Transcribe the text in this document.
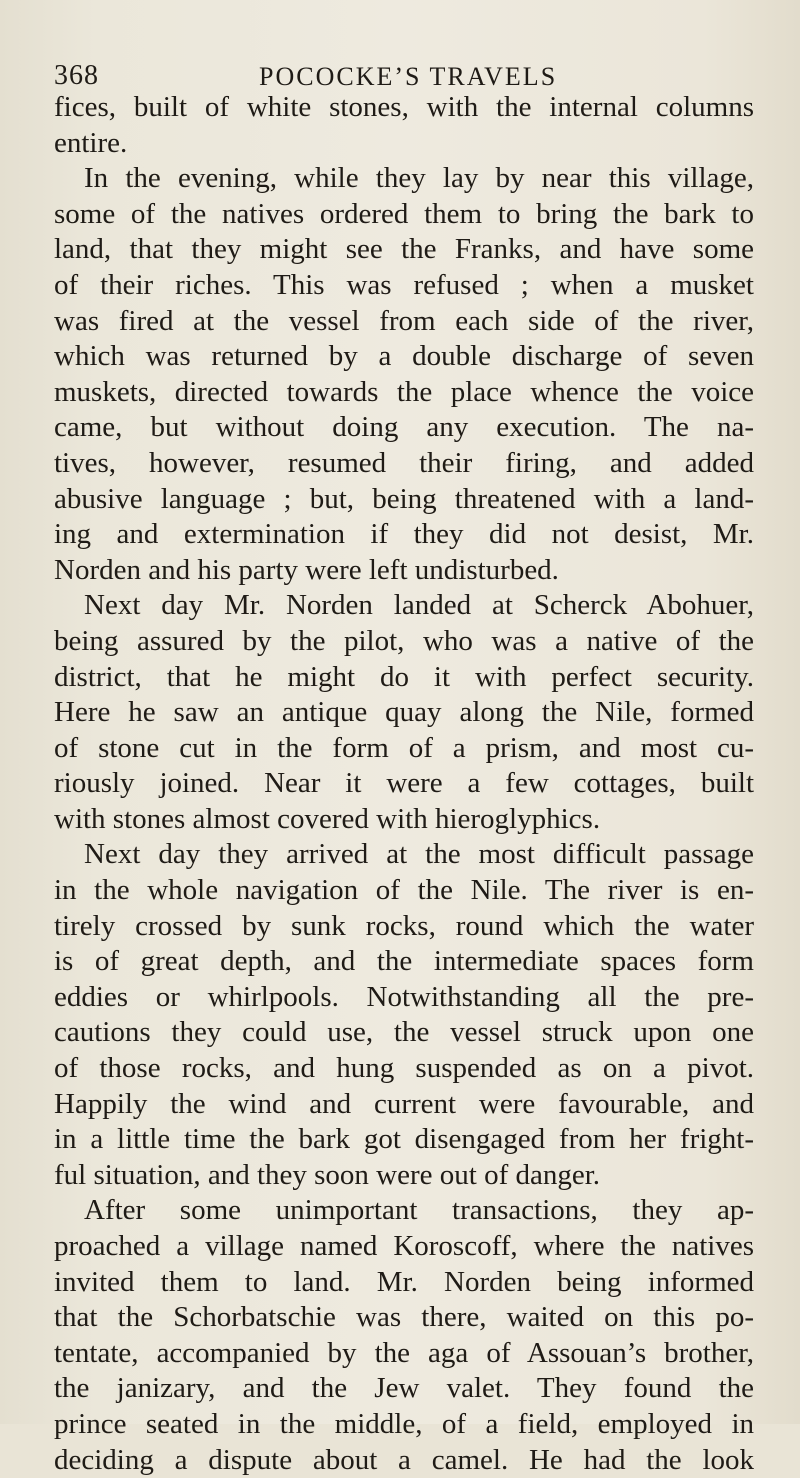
368	POCOCKE’S TRAVELS
fices, built of white stones, with the internal columns
entire.
In the evening, while they lay by near this village,
some of the natives ordered them to bring the bark to
land, that they might see the Franks, and have some
of their riches. This was refused ; when a musket
was fired at the vessel from each side of the river,
which was returned by a double discharge of seven
muskets, directed towards the place whence the voice
came, but without doing any execution. The na-
tives, however, resumed their firing, and added
abusive language ; but, being threatened with a land-
ing and extermination if they did not desist, Mr.
Norden and his party were left undisturbed.
Next day Mr. Norden landed at Scherck Abohuer,
being assured by the pilot, who was a native of the
district, that he might do it with perfect security.
Here he saw an antique quay along the Nile, formed
of stone cut in the form of a prism, and most cu-
riously joined. Near it were a few cottages, built
with stones almost covered with hieroglyphics.
Next day they arrived at the most difficult passage
in the whole navigation of the Nile. The river is en-
tirely crossed by sunk rocks, round which the water
is of great depth, and the intermediate spaces form
eddies or whirlpools. Notwithstanding all the pre-
cautions they could use, the vessel struck upon one
of those rocks, and hung suspended as on a pivot.
Happily the wind and current were favourable, and
in a little time the bark got disengaged from her fright-
ful situation, and they soon were out of danger.
After some unimportant transactions, they ap-
proached a village named Koroscoff, where the natives
invited them to land. Mr. Norden being informed
that the Schorbatschie was there, waited on this po-
tentate, accompanied by the aga of Assouan’s brother,
the janizary, and the Jew valet. They found the
prince seated in the middle, of a field, employed in
deciding a dispute about a camel. He had the look
